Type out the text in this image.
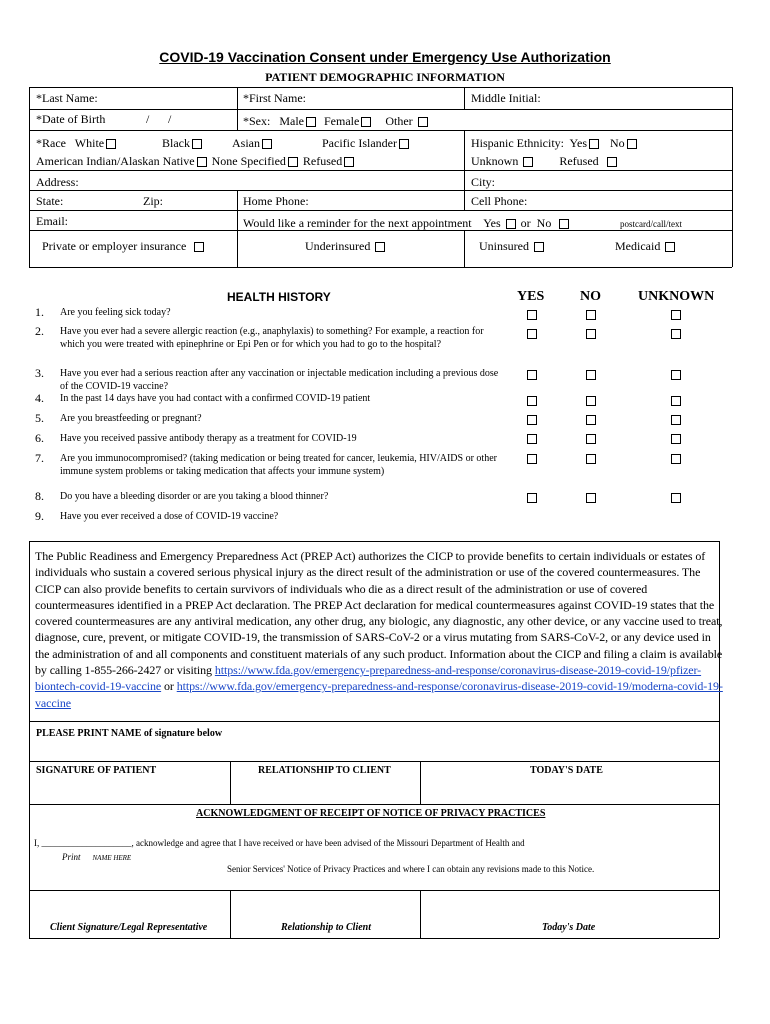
COVID-19 Vaccination Consent under Emergency Use Authorization
PATIENT DEMOGRAPHIC INFORMATION
*Last Name:	*First Name:	Middle Initial:
*Date of Birth	/ /	*Sex: Male Female Other
*Race White	Black	Asian	Pacific Islander
American Indian/Alaskan Native None Specified Refused
Hispanic Ethnicity: Yes No
Unknown	Refused
Address:	City:
State:	Zip:	Home Phone:	Cell Phone:
Email:	Would like a reminder for the next appointment Yes or No	postcard/call/text
Private or employer insurance	Underinsured	Uninsured	Medicaid
HEALTH HISTORY	YES	NO	UNKNOWN
1. Are you feeling sick today?
2. Have you ever had a severe allergic reaction (e.g., anaphylaxis) to something? For example, a reaction for which you were treated with epinephrine or Epi Pen or for which you had to go to the hospital?
3. Have you ever had a serious reaction after any vaccination or injectable medication including a previous dose of the COVID-19 vaccine?
4. In the past 14 days have you had contact with a confirmed COVID-19 patient
5. Are you breastfeeding or pregnant?
6. Have you received passive antibody therapy as a treatment for COVID-19
7. Are you immunocompromised? (taking medication or being treated for cancer, leukemia, HIV/AIDS or other immune system problems or taking medication that affects your immune system)
8. Do you have a bleeding disorder or are you taking a blood thinner?
9. Have you ever received a dose of COVID-19 vaccine?
The Public Readiness and Emergency Preparedness Act (PREP Act) authorizes the CICP to provide benefits to certain individuals or estates of individuals who sustain a covered serious physical injury as the direct result of the administration or use of the covered countermeasures. The CICP can also provide benefits to certain survivors of individuals who die as a direct result of the administration or use of covered countermeasures identified in a PREP Act declaration. The PREP Act declaration for medical countermeasures against COVID-19 states that the covered countermeasures are any antiviral medication, any other drug, any biologic, any diagnostic, any other device, or any vaccine used to treat, diagnose, cure, prevent, or mitigate COVID-19, the transmission of SARS-CoV-2 or a virus mutating from SARS-CoV-2, or any device used in the administration of and all components and constituent materials of any such product. Information about the CICP and filing a claim is available by calling 1-855-266-2427 or visiting https://www.fda.gov/emergency-preparedness-and-response/coronavirus-disease-2019-covid-19/pfizer-biontech-covid-19-vaccine or https://www.fda.gov/emergency-preparedness-and-response/coronavirus-disease-2019-covid-19/moderna-covid-19-vaccine
PLEASE PRINT NAME of signature below
SIGNATURE OF PATIENT	RELATIONSHIP TO CLIENT	TODAY'S DATE
ACKNOWLEDGMENT OF RECEIPT OF NOTICE OF PRIVACY PRACTICES
I, ____________________, acknowledge and agree that I have received or have been advised of the Missouri Department of Health and
Print NAME HERE
Senior Services' Notice of Privacy Practices and where I can obtain any revisions made to this Notice.
Client Signature/Legal Representative	Relationship to Client	Today's Date
